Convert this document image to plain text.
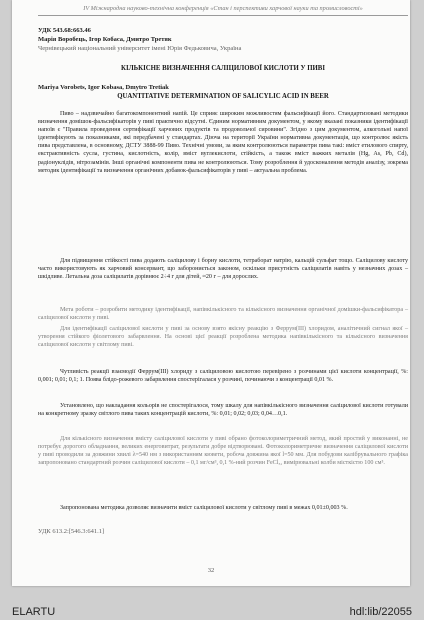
IV Міжнародна науково-технічна конференція «Стан і перспективи харчової науки та промисловості»
УДК 543.68:663.46
Марія Воробець, Ігор Кобаса, Дмитро Третяк
Чернівецький національний університет імені Юрія Федьковича, Україна
КІЛЬКІСНЕ ВИЗНАЧЕННЯ САЛІЦИЛОВОЇ КИСЛОТИ У ПИВІ
Mariya Vorobets, Igor Kobasa, Dmytro Tretiak
QUANTITATIVE DETERMINATION OF SALICYLIC ACID IN BEER
Пиво – надзвичайно багатокомпонентний напій. Це сприяє широким можливостям фальсифікації його. Стандартизовані методики визначення домішок-фальсифікаторів у пиві практично відсутні. Єдиним нормативним документом, у якому вказані показники ідентифікації напоїв є "Правила проведення сертифікації харчових продуктів та продовольчої сировини". Згідно з цим документом, алкогольні напої ідентифікують за показниками, які передбачені у стандартах. Діюча на території України нормативна документація, що контролює якість пива представлена, в основному, ДСТУ 3888-99 Пиво. Технічні умови, за яким контролюються параметри пива такі: вміст етилового спирту, екстрактивність сусла, густина, кислотність, колір, вміст вуглекислоти, стійкість, а також вміст важких металів (Hg, As, Pb, Cd), радіонуклідів, нітрозамінів. Інші органічні компоненти пива не контролюються. Тому розроблення й удосконалення методів аналізу, зокрема методик ідентифікації та визначення органічних добавок-фальсифікаторів у пиві – актуальна проблема.
Для підвищення стійкості пива додають саліцилову і борну кислоти, тетраборат натрію, кальцій сульфат тощо. Саліцилову кислоту часто використовують як харчовий консервант, що заборониється законом, оскільки присутність саліцилатів навіть у незначних дозах – шкідливе. Летальна доза саліцилатів дорівнює 2÷4 г для дітей, ≈20 г – для дорослих.
Мета роботи – розробити методику ідентифікації, напівкількісного та кількісного визначення органічної домішки-фальсифікатора – саліцилової кислоти у пиві.
Для ідентифікації саліцилової кислоти у пиві за основу взято якісну реакцію з Феррум(ІІІ) хлоридом, аналітичний сигнал якої – утворення стійкого фіолетового забарвлення. На основі цієї реакції розроблена методика напівкількісного та кількісного визначення саліцилової кислоти у світлому пиві.
Чутливість реакції взаємодії Феррум(ІІІ) хлориду з саліциловою кислотою перевірено з розчинами цієї кислоти концентрації, %: 0,001; 0,01; 0,1; 1. Поява блідо-рожевого забарвлення спостерігалася у розчині, починаючи з концентрації 0,01 %.
Установлено, що накладання кольорів не спостерігалося, тому шкалу для напівкількісного визначення саліцилової кислоти готували на конкретному зразку світлого пива таких концентрацій кислоти, %: 0,01; 0,02; 0,03; 0,04…0,1.
Для кількісного визначення вмісту саліцилової кислоти у пиві обрано фотоколориметричний метод, який простий у виконанні, не потребує дорогого обладнання, великих енерговитрат, результати добре відтворювані. Фотоколориметричне визначення саліцилової кислоти у пиві проводили за довжини хвилі λ=540 нм з використанням кювети, робоча довжина якої l=50 мм. Для побудови калібрувального графіка запропоновано стандартний розчин саліцилової кислоти – 0,1 мг/см³, 0,1 %-ний розчин FeCl₃, вимірювальні колби місткістю 100 см³.
Запропонована методика дозволяє визначити вміст саліцилової кислоти у світлому пиві в межах 0,01±0,003 %.
УДК 613.2:[546.3:641.1]
32
ELARTU	hdl:lib/22055
